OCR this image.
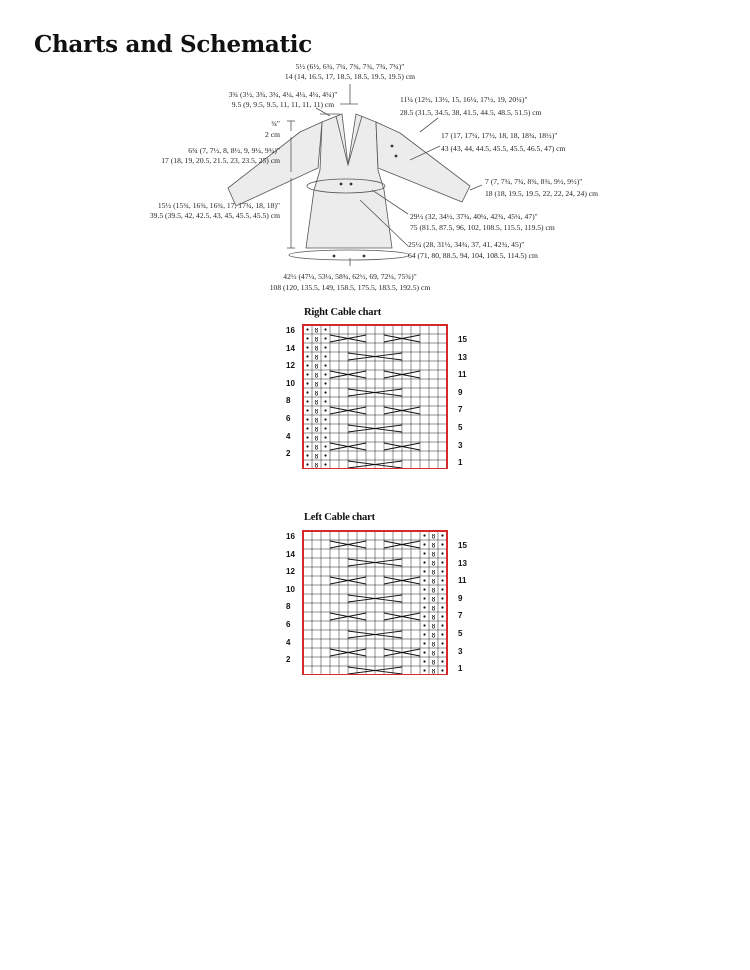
Charts and Schematic
5½ (6½, 6¾, 7¼, 7¾, 7¾, 7¾, 7¾)"
14 (14, 16.5, 17, 18.5, 18.5, 19.5, 19.5) cm
3¾ (3½, 3¾, 3¾, 4¼, 4¼, 4¼, 4¼)"
9.5 (9, 9.5, 9.5, 11, 11, 11, 11) cm
11¼ (12½, 13½, 15, 16¼, 17½, 19, 20¼)"
28.5 (31.5, 34.5, 38, 41.5, 44.5, 48.5, 51.5) cm
¾"
2 cm	17 (17, 17¼, 17½, 18, 18, 18¾, 18½)"
43 (43, 44, 44.5, 45.5, 45.5, 46.5, 47) cm
6¾ (7, 7½, 8, 8½, 9, 9¼, 9¾)"
17 (18, 19, 20.5, 21.5, 23, 23.5, 25) cm
7 (7, 7¾, 7¾, 8¾, 8¾, 9½, 9½)"
18 (18, 19.5, 19.5, 22, 22, 24, 24) cm
15½ (15¾, 16¾, 16¾, 17, 17¾, 18, 18)"
39.5 (39.5, 42, 42.5, 43, 45, 45.5, 45.5) cm	29½ (32, 34½, 37¾, 40¼, 42¾, 45¼, 47)"
75 (81.5, 87.5, 96, 102, 108.5, 115.5, 119.5) cm
25¼ (28, 31½, 34¾, 37, 41, 42¾, 45)"
64 (71, 80, 88.5, 94, 104, 108.5, 114.5) cm
42½ (47¼, 53¼, 58¾, 62½, 69, 72¼, 75¾)"
108 (120, 135.5, 149, 158.5, 175.5, 183.5, 192.5) cm
Right Cable chart
16
14
12
10
8
6
4
2
15
13
11
9
7
5
3
1
ᴕ
ᴕ
ᴕ
ᴕ
ᴕ
ᴕ
ᴕ
ᴕ
ᴕ
ᴕ
ᴕ
ᴕ
ᴕ
ᴕ
ᴕ
ᴕ
Left Cable chart
16
14
12
10
8
6
4
2
15
13
11
9
7
5
3
1
ᴕ
ᴕ
ᴕ
ᴕ
ᴕ
ᴕ
ᴕ
ᴕ
ᴕ
ᴕ
ᴕ
ᴕ
ᴕ
ᴕ
ᴕ
ᴕ
